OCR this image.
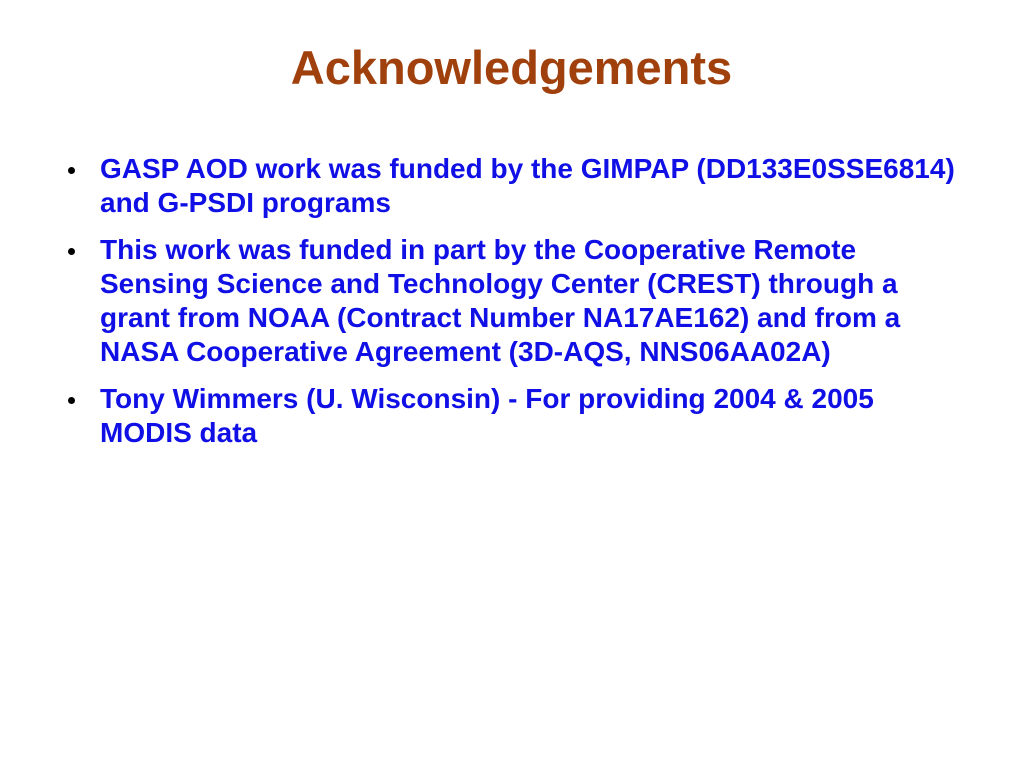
Acknowledgements
GASP AOD work was funded by the GIMPAP (DD133E0SSE6814) and G-PSDI programs
This work was funded in part by the Cooperative Remote Sensing Science and Technology Center (CREST) through a grant from NOAA (Contract Number NA17AE162) and from a NASA Cooperative Agreement (3D-AQS, NNS06AA02A)
Tony Wimmers (U. Wisconsin) - For providing 2004 & 2005 MODIS data
